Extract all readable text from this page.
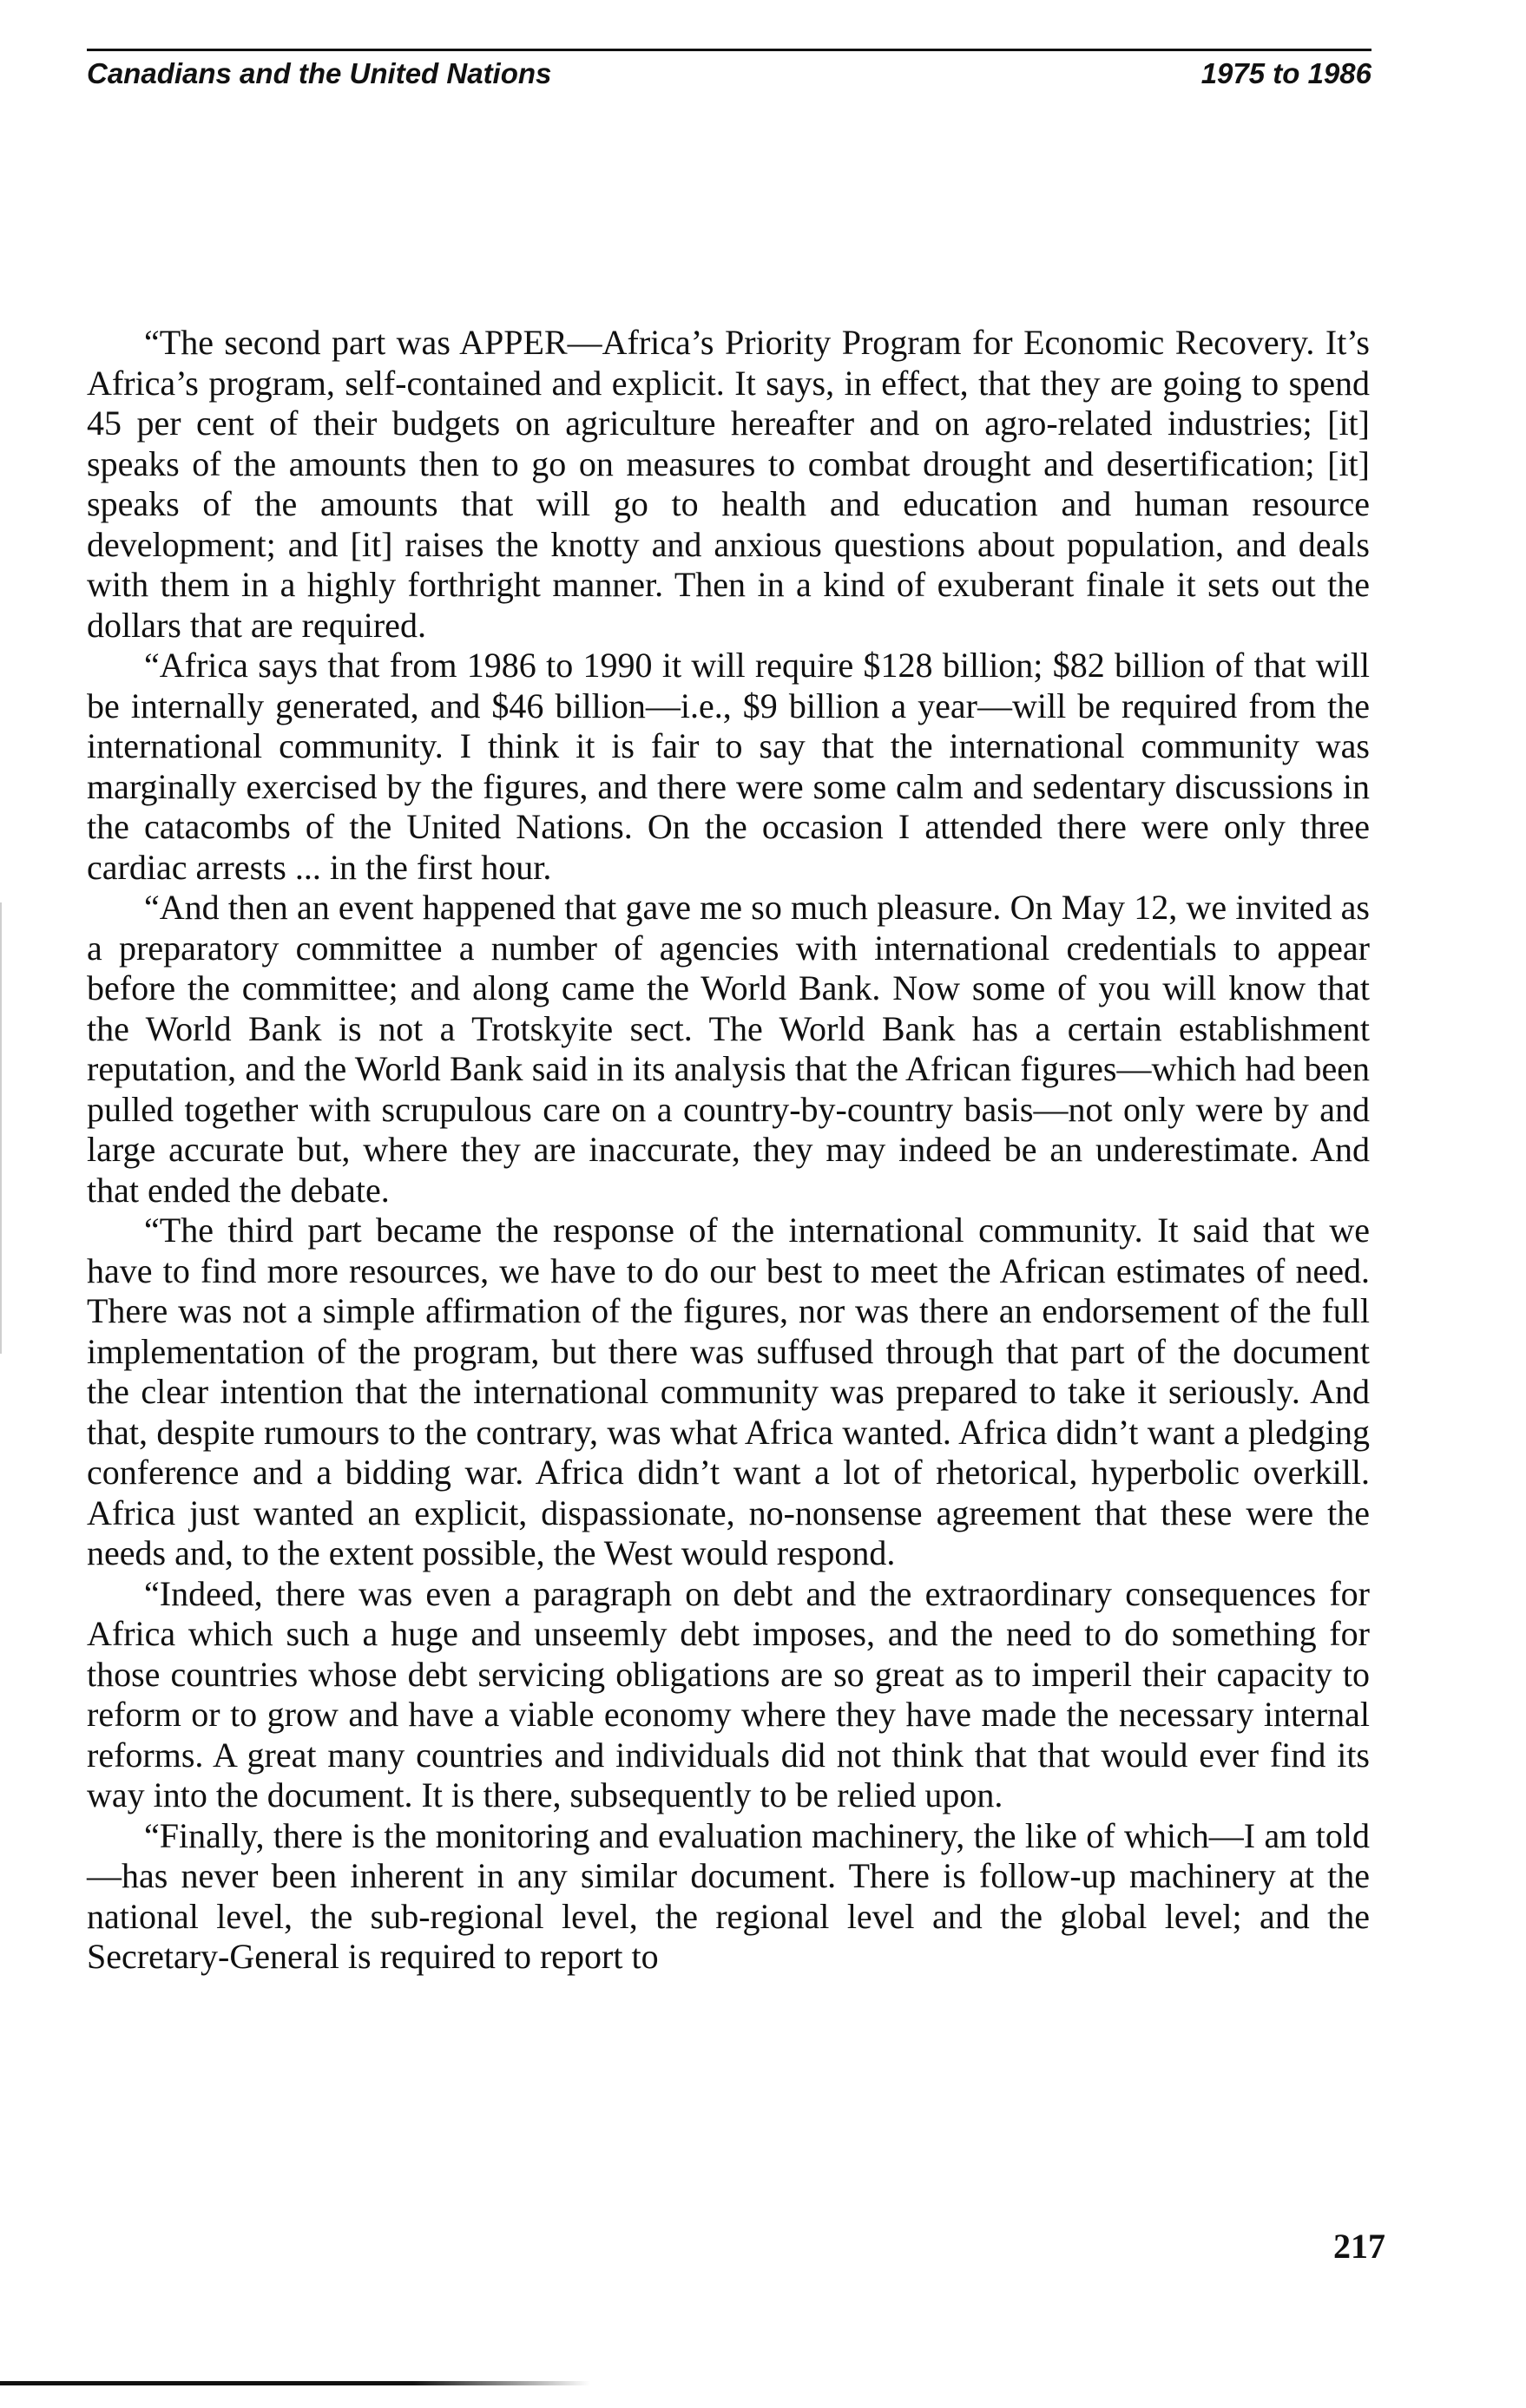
Canadians and the United Nations	1975 to 1986

“The second part was APPER—Africa’s Priority Program for Economic Recovery. It’s Africa’s program, self-contained and explicit. It says, in effect, that they are going to spend 45 per cent of their budgets on agriculture hereafter and on agro-related industries; [it] speaks of the amounts then to go on measures to combat drought and desertification; [it] speaks of the amounts that will go to health and education and human resource development; and [it] raises the knotty and anxious questions about population, and deals with them in a highly forthright manner. Then in a kind of exuberant finale it sets out the dollars that are required.

“Africa says that from 1986 to 1990 it will require $128 billion; $82 billion of that will be internally generated, and $46 billion—i.e., $9 billion a year—will be required from the international community. I think it is fair to say that the international community was marginally exercised by the figures, and there were some calm and sedentary discussions in the catacombs of the United Nations. On the occasion I attended there were only three cardiac arrests ... in the first hour.

“And then an event happened that gave me so much pleasure. On May 12, we invited as a preparatory committee a number of agencies with international credentials to appear before the committee; and along came the World Bank. Now some of you will know that the World Bank is not a Trotskyite sect. The World Bank has a certain establishment reputation, and the World Bank said in its analysis that the African figures—which had been pulled together with scrupulous care on a country-by-country basis—not only were by and large accurate but, where they are inaccurate, they may indeed be an underestimate. And that ended the debate.

“The third part became the response of the international community. It said that we have to find more resources, we have to do our best to meet the African estimates of need. There was not a simple affirmation of the figures, nor was there an endorsement of the full implementation of the program, but there was suffused through that part of the document the clear intention that the international community was prepared to take it seriously. And that, despite rumours to the contrary, was what Africa wanted. Africa didn’t want a pledging conference and a bidding war. Africa didn’t want a lot of rhetorical, hyperbolic overkill. Africa just wanted an explicit, dispassionate, no-nonsense agreement that these were the needs and, to the extent possible, the West would respond.

“Indeed, there was even a paragraph on debt and the extraordinary consequences for Africa which such a huge and unseemly debt imposes, and the need to do something for those countries whose debt servicing obligations are so great as to imperil their capacity to reform or to grow and have a viable economy where they have made the necessary internal reforms. A great many countries and individuals did not think that that would ever find its way into the document. It is there, subsequently to be relied upon.

“Finally, there is the monitoring and evaluation machinery, the like of which—I am told—has never been inherent in any similar document. There is follow-up machinery at the national level, the sub-regional level, the regional level and the global level; and the Secretary-General is required to report to

217
